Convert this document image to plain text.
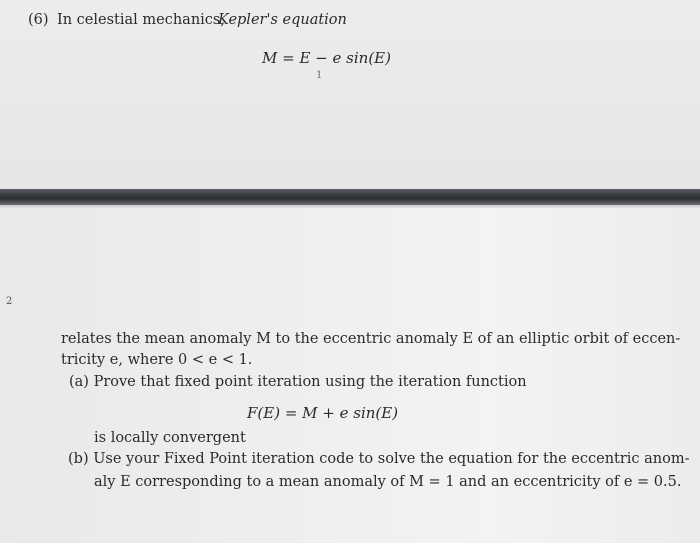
(6) In celestial mechanics,
Kepler's equation
M = E − e sin(E)
1
2
relates the mean anomaly M to the eccentric anomaly E of an elliptic orbit of eccen-
tricity e, where 0 < e < 1.
(a) Prove that fixed point iteration using the iteration function
F(E) = M + e sin(E)
is locally convergent
(b) Use your Fixed Point iteration code to solve the equation for the eccentric anom-
aly E corresponding to a mean anomaly of M = 1 and an eccentricity of e = 0.5.
